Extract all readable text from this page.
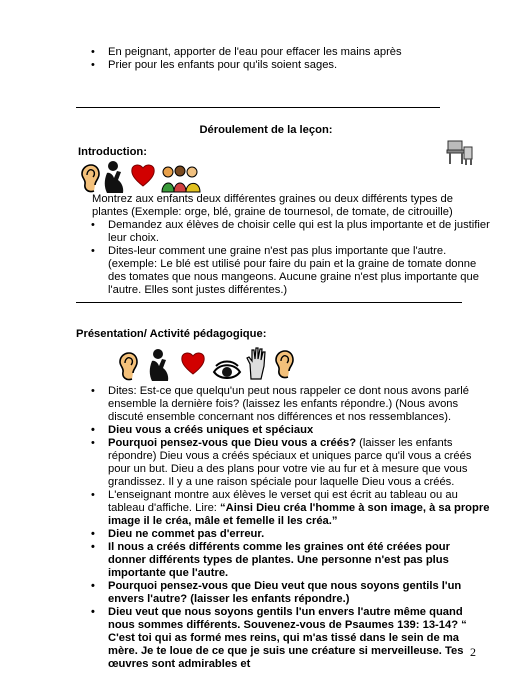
• En peignant, apporter de l'eau pour effacer les mains après
• Prier pour les enfants pour qu'ils soient sages.
Déroulement de la leçon:
Introduction:
Montrez aux enfants deux différentes graines ou deux différents types de plantes (Exemple: orge, blé, graine de tournesol, de tomate, de citrouille)
• Demandez aux élèves de choisir celle qui est la plus importante et de justifier leur choix.
• Dites-leur comment une graine n'est pas plus importante que l'autre. (exemple: Le blé est utilisé pour faire du pain et la graine de tomate donne des tomates que nous mangeons. Aucune graine n'est plus importante que l'autre. Elles sont justes différentes.)
Présentation/ Activité pédagogique:
• Dites: Est-ce que quelqu'un peut nous rappeler ce dont nous avons parlé ensemble la dernière fois? (laissez les enfants répondre.) (Nous avons discuté ensemble concernant nos différences et nos ressemblances).
• Dieu vous a créés uniques et spéciaux
• Pourquoi pensez-vous que Dieu vous a créés? (laisser les enfants répondre) Dieu vous a créés spéciaux et uniques parce qu'il vous a créés pour un but. Dieu a des plans pour votre vie au fur et à mesure que vous grandissez. Il y a une raison spéciale pour laquelle Dieu vous a créés.
• L'enseignant montre aux élèves le verset qui est écrit au tableau ou au tableau d'affiche. Lire: “Ainsi Dieu créa l'homme à son image, à sa propre image il le créa, mâle et femelle il les créa.”
• Dieu ne commet pas d'erreur.
• Il nous a créés différents comme les graines ont été créées pour donner différents types de plantes. Une personne n'est pas plus importante que l'autre.
• Pourquoi pensez-vous que Dieu veut que nous soyons gentils l'un envers l'autre? (laisser les enfants répondre.)
• Dieu veut que nous soyons gentils l'un envers l'autre même quand nous sommes différents. Souvenez-vous de Psaumes 139: 13-14? “ C'est toi qui as formé mes reins, qui m'as tissé dans le sein de ma mère. Je te loue de ce que je suis une créature si merveilleuse. Tes œuvres sont admirables et
2
